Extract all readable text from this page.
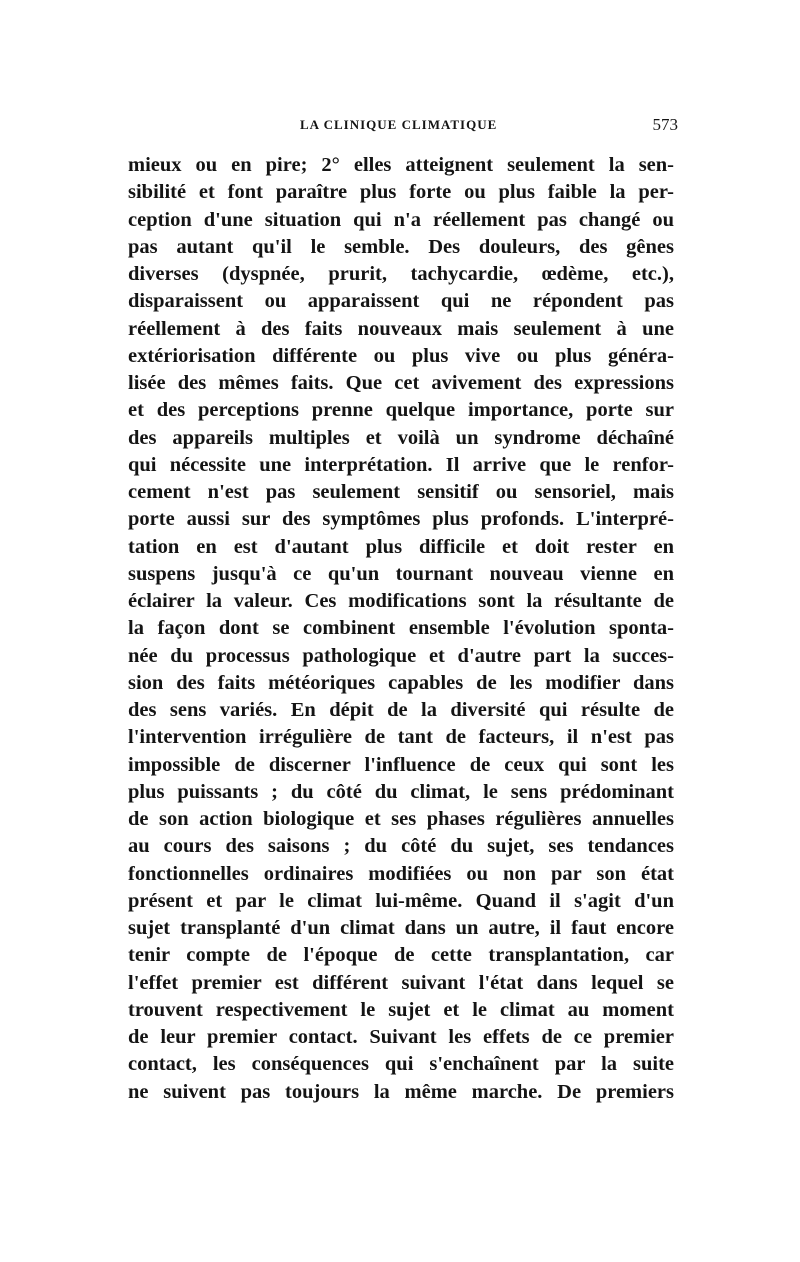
LA CLINIQUE CLIMATIQUE	573
mieux ou en pire; 2° elles atteignent seulement la sen-
sibilité et font paraître plus forte ou plus faible la per-
ception d'une situation qui n'a réellement pas changé ou
pas autant qu'il le semble. Des douleurs, des gênes
diverses (dyspnée, prurit, tachycardie, œdème, etc.),
disparaissent ou apparaissent qui ne répondent pas
réellement à des faits nouveaux mais seulement à une
extériorisation différente ou plus vive ou plus généra-
lisée des mêmes faits. Que cet avivement des expressions
et des perceptions prenne quelque importance, porte sur
des appareils multiples et voilà un syndrome déchaîné
qui nécessite une interprétation. Il arrive que le renfor-
cement n'est pas seulement sensitif ou sensoriel, mais
porte aussi sur des symptômes plus profonds. L'interpré-
tation en est d'autant plus difficile et doit rester en
suspens jusqu'à ce qu'un tournant nouveau vienne en
éclairer la valeur. Ces modifications sont la résultante de
la façon dont se combinent ensemble l'évolution sponta-
née du processus pathologique et d'autre part la succes-
sion des faits météoriques capables de les modifier dans
des sens variés. En dépit de la diversité qui résulte de
l'intervention irrégulière de tant de facteurs, il n'est pas
impossible de discerner l'influence de ceux qui sont les
plus puissants ; du côté du climat, le sens prédominant
de son action biologique et ses phases régulières annuelles
au cours des saisons ; du côté du sujet, ses tendances
fonctionnelles ordinaires modifiées ou non par son état
présent et par le climat lui-même. Quand il s'agit d'un
sujet transplanté d'un climat dans un autre, il faut encore
tenir compte de l'époque de cette transplantation, car
l'effet premier est différent suivant l'état dans lequel se
trouvent respectivement le sujet et le climat au moment
de leur premier contact. Suivant les effets de ce premier
contact, les conséquences qui s'enchaînent par la suite
ne suivent pas toujours la même marche. De premiers
